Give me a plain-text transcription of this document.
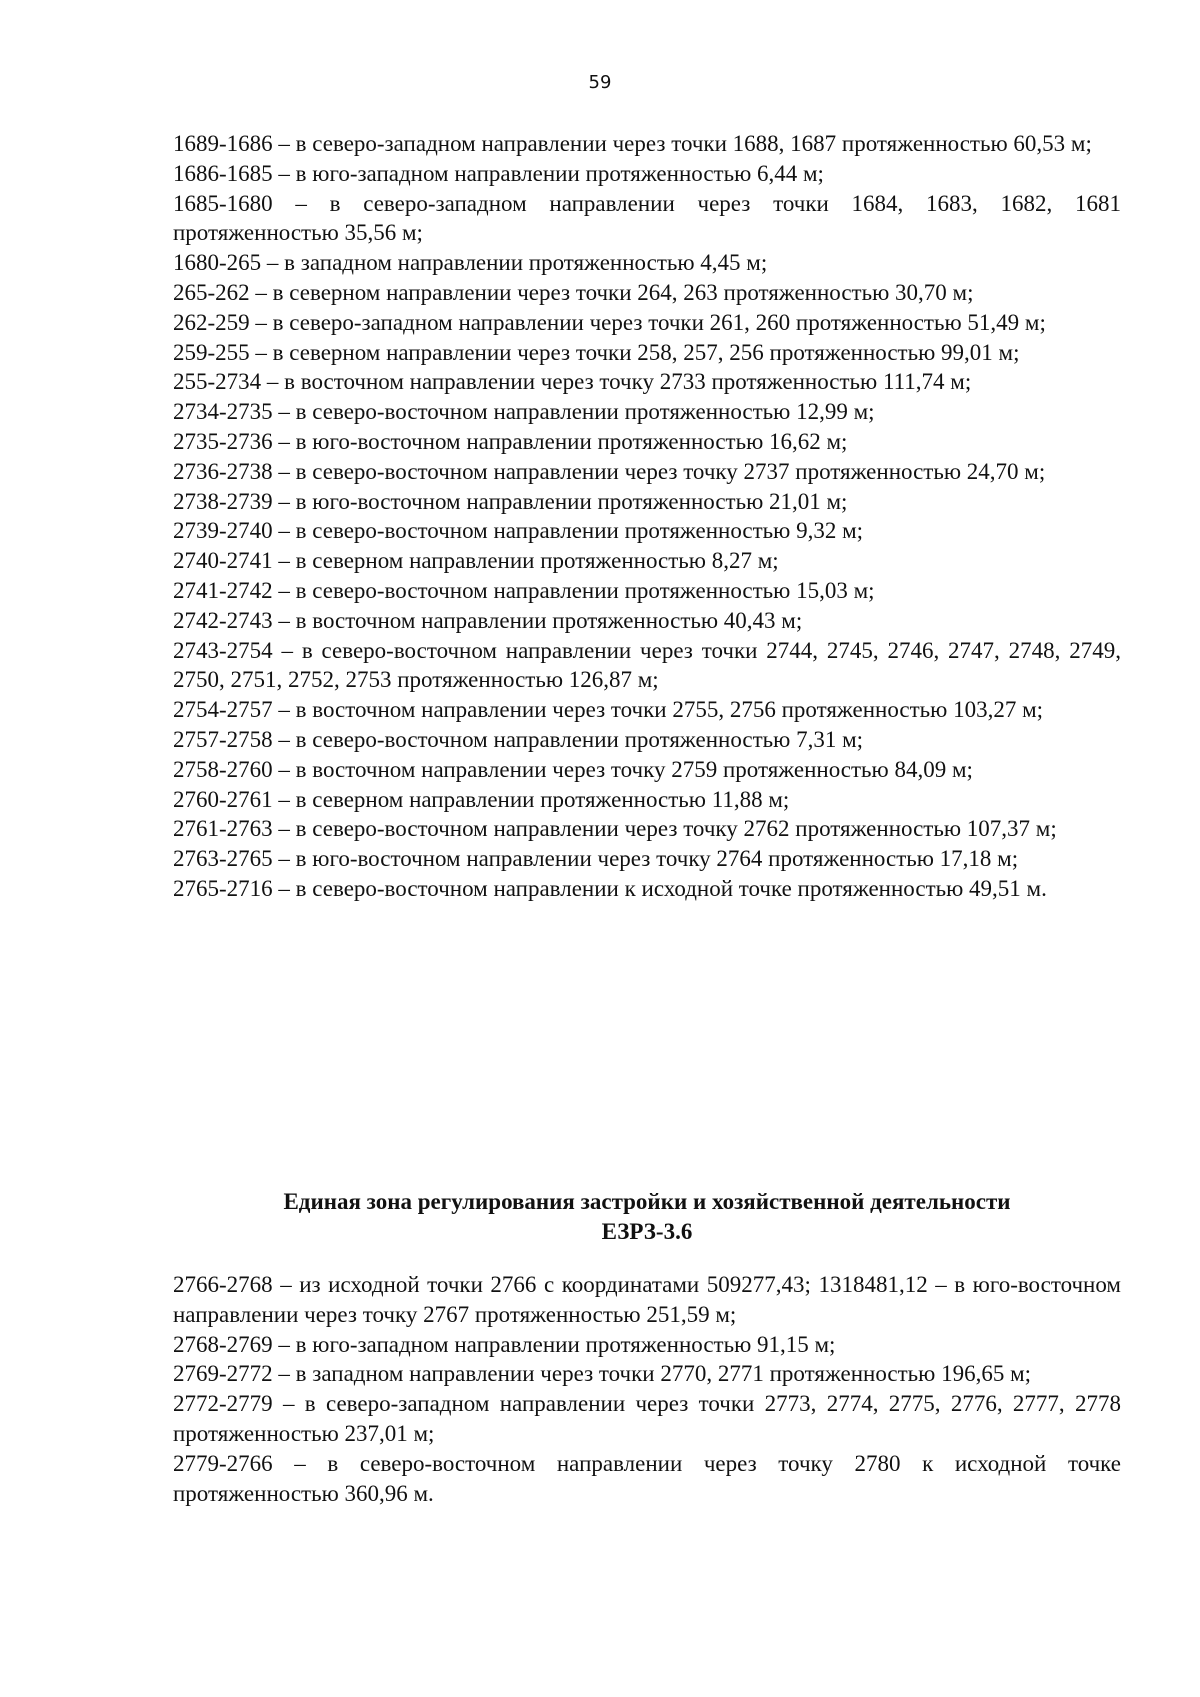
59

1689-1686 – в северо-западном направлении через точки 1688, 1687 протяженностью 60,53 м;

1686-1685 – в юго-западном направлении протяженностью 6,44 м;

1685-1680 – в северо-западном направлении через точки 1684, 1683, 1682, 1681 протяженностью 35,56 м;

1680-265 – в западном направлении протяженностью 4,45 м;

265-262 – в северном направлении через точки 264, 263 протяженностью 30,70 м;

262-259 – в северо-западном направлении через точки 261, 260 протяженностью 51,49 м;

259-255 – в северном направлении через точки 258, 257, 256 протяженностью 99,01 м;

255-2734 – в восточном направлении через точку 2733 протяженностью 111,74 м;

2734-2735 – в северо-восточном направлении протяженностью 12,99 м;

2735-2736 – в юго-восточном направлении протяженностью 16,62 м;

2736-2738 – в северо-восточном направлении через точку 2737 протяженностью 24,70 м;

2738-2739 – в юго-восточном направлении протяженностью 21,01 м;

2739-2740 – в северо-восточном направлении протяженностью 9,32 м;

2740-2741 – в северном направлении протяженностью 8,27 м;

2741-2742 – в северо-восточном направлении протяженностью 15,03 м;

2742-2743 – в восточном направлении протяженностью 40,43 м;

2743-2754 – в северо-восточном направлении через точки 2744, 2745, 2746, 2747, 2748, 2749, 2750, 2751, 2752, 2753 протяженностью 126,87 м;

2754-2757 – в восточном направлении через точки 2755, 2756 протяженностью 103,27 м;

2757-2758 – в северо-восточном направлении протяженностью 7,31 м;

2758-2760 – в восточном направлении через точку 2759 протяженностью 84,09 м;

2760-2761 – в северном направлении протяженностью 11,88 м;

2761-2763 – в северо-восточном направлении через точку 2762 протяженностью 107,37 м;

2763-2765 – в юго-восточном направлении через точку 2764 протяженностью 17,18 м;

2765-2716 – в северо-восточном направлении к исходной точке протяженностью 49,51 м.

Единая зона регулирования застройки и хозяйственной деятельности
ЕЗРЗ-3.6

2766-2768 – из исходной точки 2766 с координатами 509277,43; 1318481,12 – в юго-восточном направлении через точку 2767 протяженностью 251,59 м;

2768-2769 – в юго-западном направлении протяженностью 91,15 м;

2769-2772 – в западном направлении через точки 2770, 2771 протяженностью 196,65 м;

2772-2779 – в северо-западном направлении через точки 2773, 2774, 2775, 2776, 2777, 2778 протяженностью 237,01 м;

2779-2766 – в северо-восточном направлении через точку 2780 к исходной точке протяженностью 360,96 м.
